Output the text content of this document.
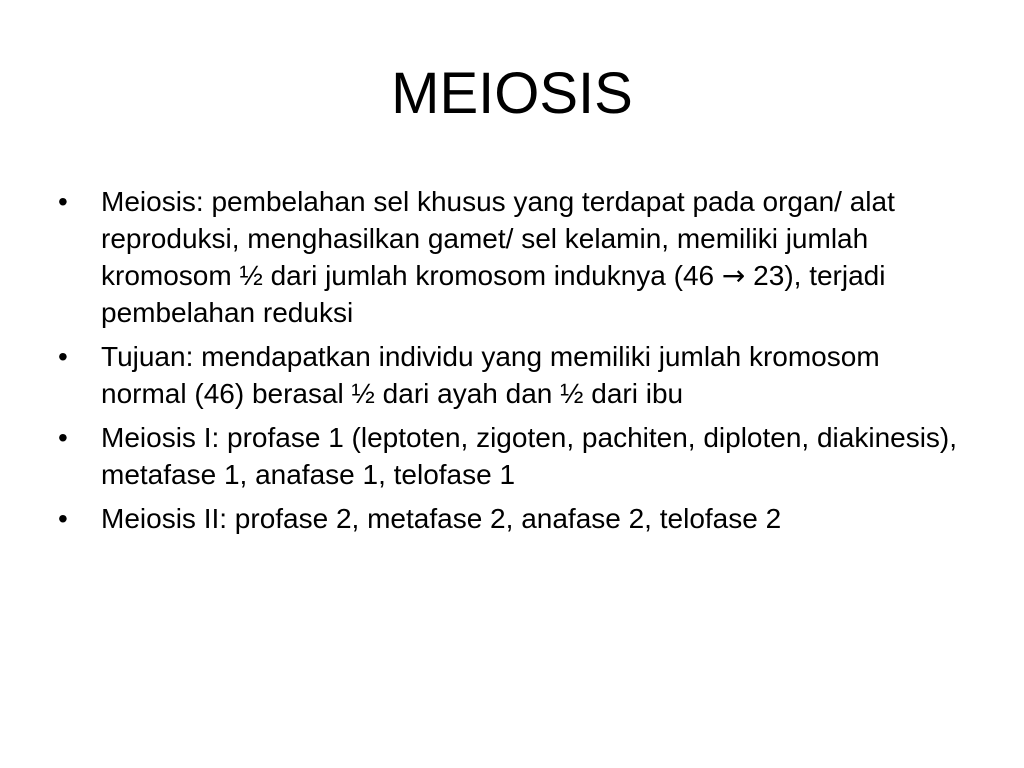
MEIOSIS
•	Meiosis: pembelahan sel khusus yang terdapat pada organ/ alat reproduksi, menghasilkan gamet/ sel kelamin, memiliki jumlah kromosom ½ dari jumlah kromosom induknya (46 → 23), terjadi pembelahan reduksi
•	Tujuan: mendapatkan individu yang memiliki jumlah kromosom normal (46) berasal ½ dari ayah dan ½ dari ibu
•	Meiosis I: profase 1 (leptoten, zigoten, pachiten, diploten, diakinesis), metafase 1, anafase 1, telofase 1
•	Meiosis II: profase 2, metafase 2, anafase 2, telofase 2
